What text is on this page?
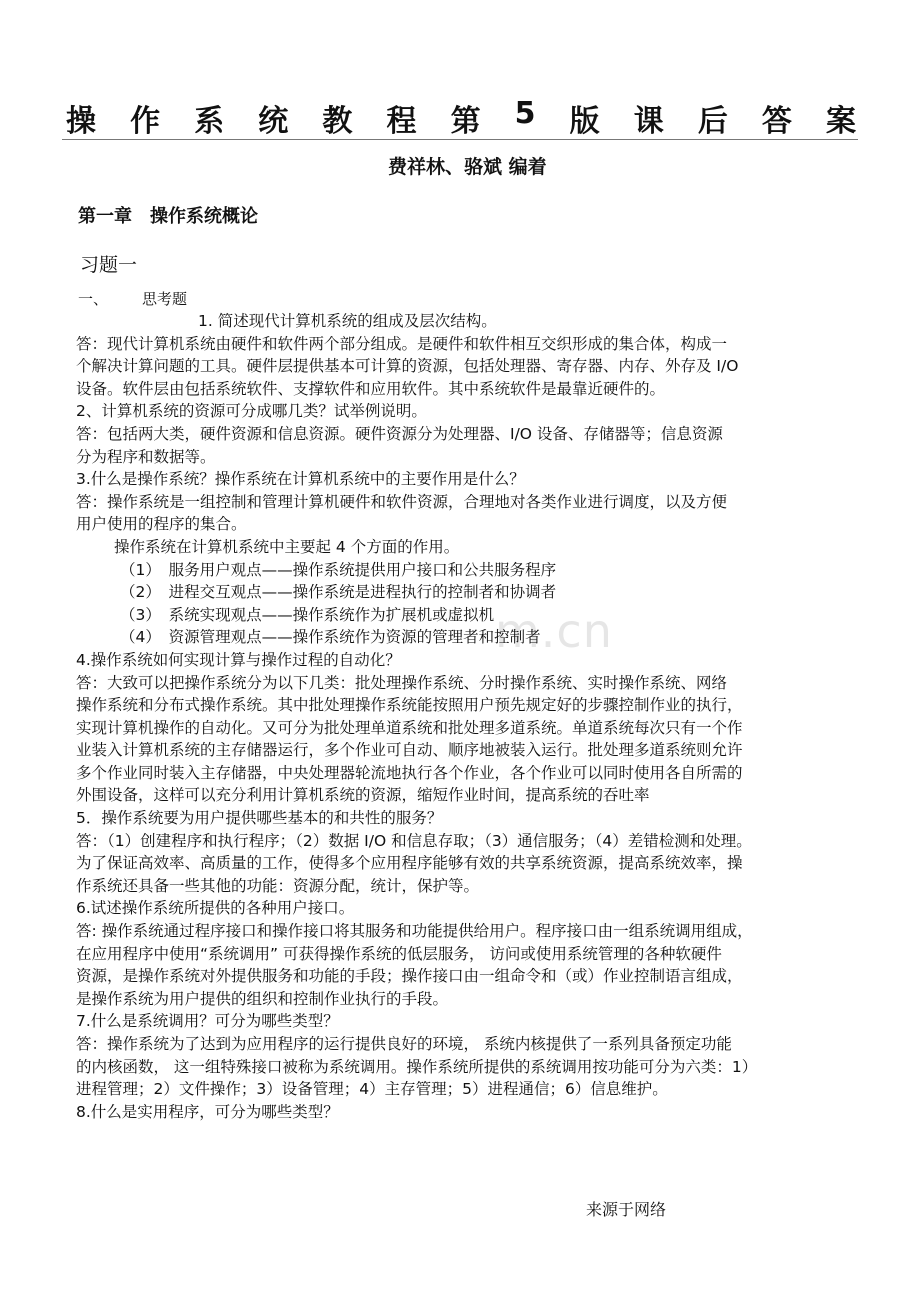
操 作 系 统 教 程 第 5 版 课 后 答 案
费祥林、骆斌 编着
第一章　操作系统概论
习题一
一、 思考题
m.cn
1. 简述现代计算机系统的组成及层次结构。
答：现代计算机系统由硬件和软件两个部分组成。是硬件和软件相互交织形成的集合体，构成一
个解决计算问题的工具。硬件层提供基本可计算的资源，包括处理器、寄存器、内存、外存及 I/O
设备。软件层由包括系统软件、支撑软件和应用软件。其中系统软件是最靠近硬件的。
2、计算机系统的资源可分成哪几类？试举例说明。
答：包括两大类，硬件资源和信息资源。硬件资源分为处理器、I/O 设备、存储器等；信息资源
分为程序和数据等。
3.什么是操作系统？操作系统在计算机系统中的主要作用是什么？
答：操作系统是一组控制和管理计算机硬件和软件资源，合理地对各类作业进行调度，以及方便
用户使用的程序的集合。
操作系统在计算机系统中主要起 4 个方面的作用。
（1）　服务用户观点——操作系统提供用户接口和公共服务程序
（2）　进程交互观点——操作系统是进程执行的控制者和协调者
（3）　系统实现观点——操作系统作为扩展机或虚拟机
（4）　资源管理观点——操作系统作为资源的管理者和控制者
4.操作系统如何实现计算与操作过程的自动化？
答：大致可以把操作系统分为以下几类：批处理操作系统、分时操作系统、实时操作系统、网络
操作系统和分布式操作系统。其中批处理操作系统能按照用户预先规定好的步骤控制作业的执行，
实现计算机操作的自动化。又可分为批处理单道系统和批处理多道系统。单道系统每次只有一个作
业装入计算机系统的主存储器运行，多个作业可自动、顺序地被装入运行。批处理多道系统则允许
多个作业同时装入主存储器，中央处理器轮流地执行各个作业，各个作业可以同时使用各自所需的
外围设备，这样可以充分利用计算机系统的资源，缩短作业时间，提高系统的吞吐率
5．操作系统要为用户提供哪些基本的和共性的服务？
答：（1）创建程序和执行程序；（2）数据 I/O 和信息存取；（3）通信服务；（4）差错检测和处理。
为了保证高效率、高质量的工作，使得多个应用程序能够有效的共享系统资源，提高系统效率，操
作系统还具备一些其他的功能：资源分配，统计，保护等。
6.试述操作系统所提供的各种用户接口。
答: 操作系统通过程序接口和操作接口将其服务和功能提供给用户。程序接口由一组系统调用组成，
在应用程序中使用“系统调用” 可获得操作系统的低层服务， 访问或使用系统管理的各种软硬件
资源，是操作系统对外提供服务和功能的手段；操作接口由一组命令和（或）作业控制语言组成，
是操作系统为用户提供的组织和控制作业执行的手段。
7.什么是系统调用？可分为哪些类型？
答：操作系统为了达到为应用程序的运行提供良好的环境， 系统内核提供了一系列具备预定功能
的内核函数， 这一组特殊接口被称为系统调用。操作系统所提供的系统调用按功能可分为六类：1）
进程管理；2）文件操作；3）设备管理；4）主存管理；5）进程通信；6）信息维护。
8.什么是实用程序，可分为哪些类型？
来源于网络
